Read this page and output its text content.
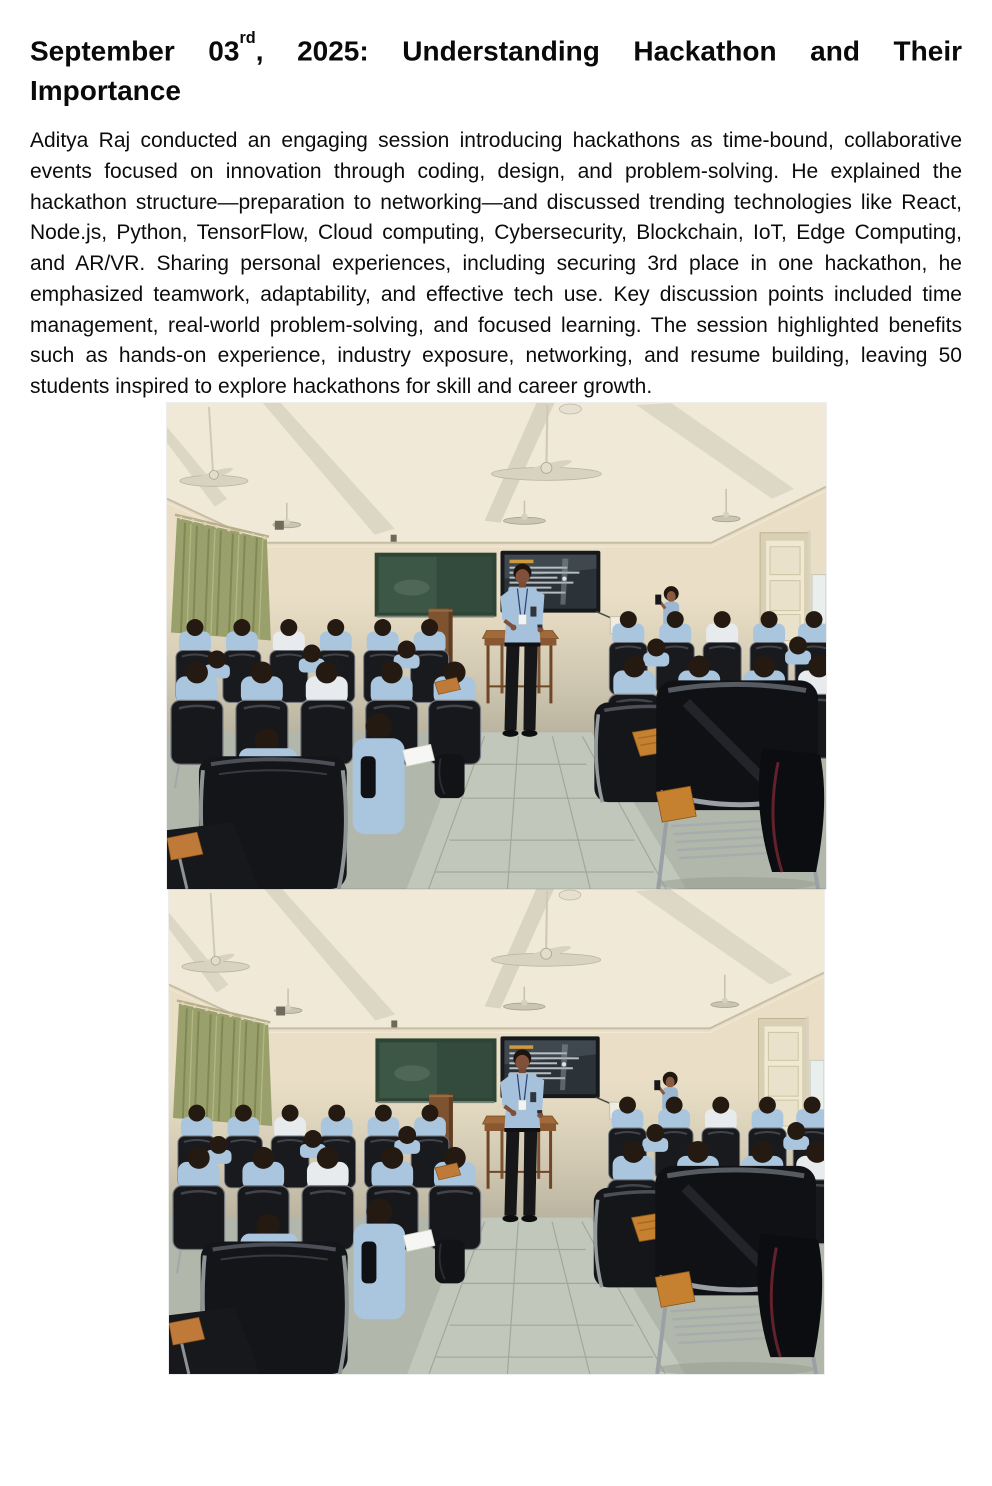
September 03rd, 2025: Understanding Hackathon and Their Importance

Aditya Raj conducted an engaging session introducing hackathons as time-bound, collaborative events focused on innovation through coding, design, and problem-solving. He explained the hackathon structure—preparation to networking—and discussed trending technologies like React, Node.js, Python, TensorFlow, Cloud computing, Cybersecurity, Blockchain, IoT, Edge Computing, and AR/VR. Sharing personal experiences, including securing 3rd place in one hackathon, he emphasized teamwork, adaptability, and effective tech use. Key discussion points included time management, real-world problem-solving, and focused learning. The session highlighted benefits such as hands-on experience, industry exposure, networking, and resume building, leaving 50 students inspired to explore hackathons for skill and career growth.
